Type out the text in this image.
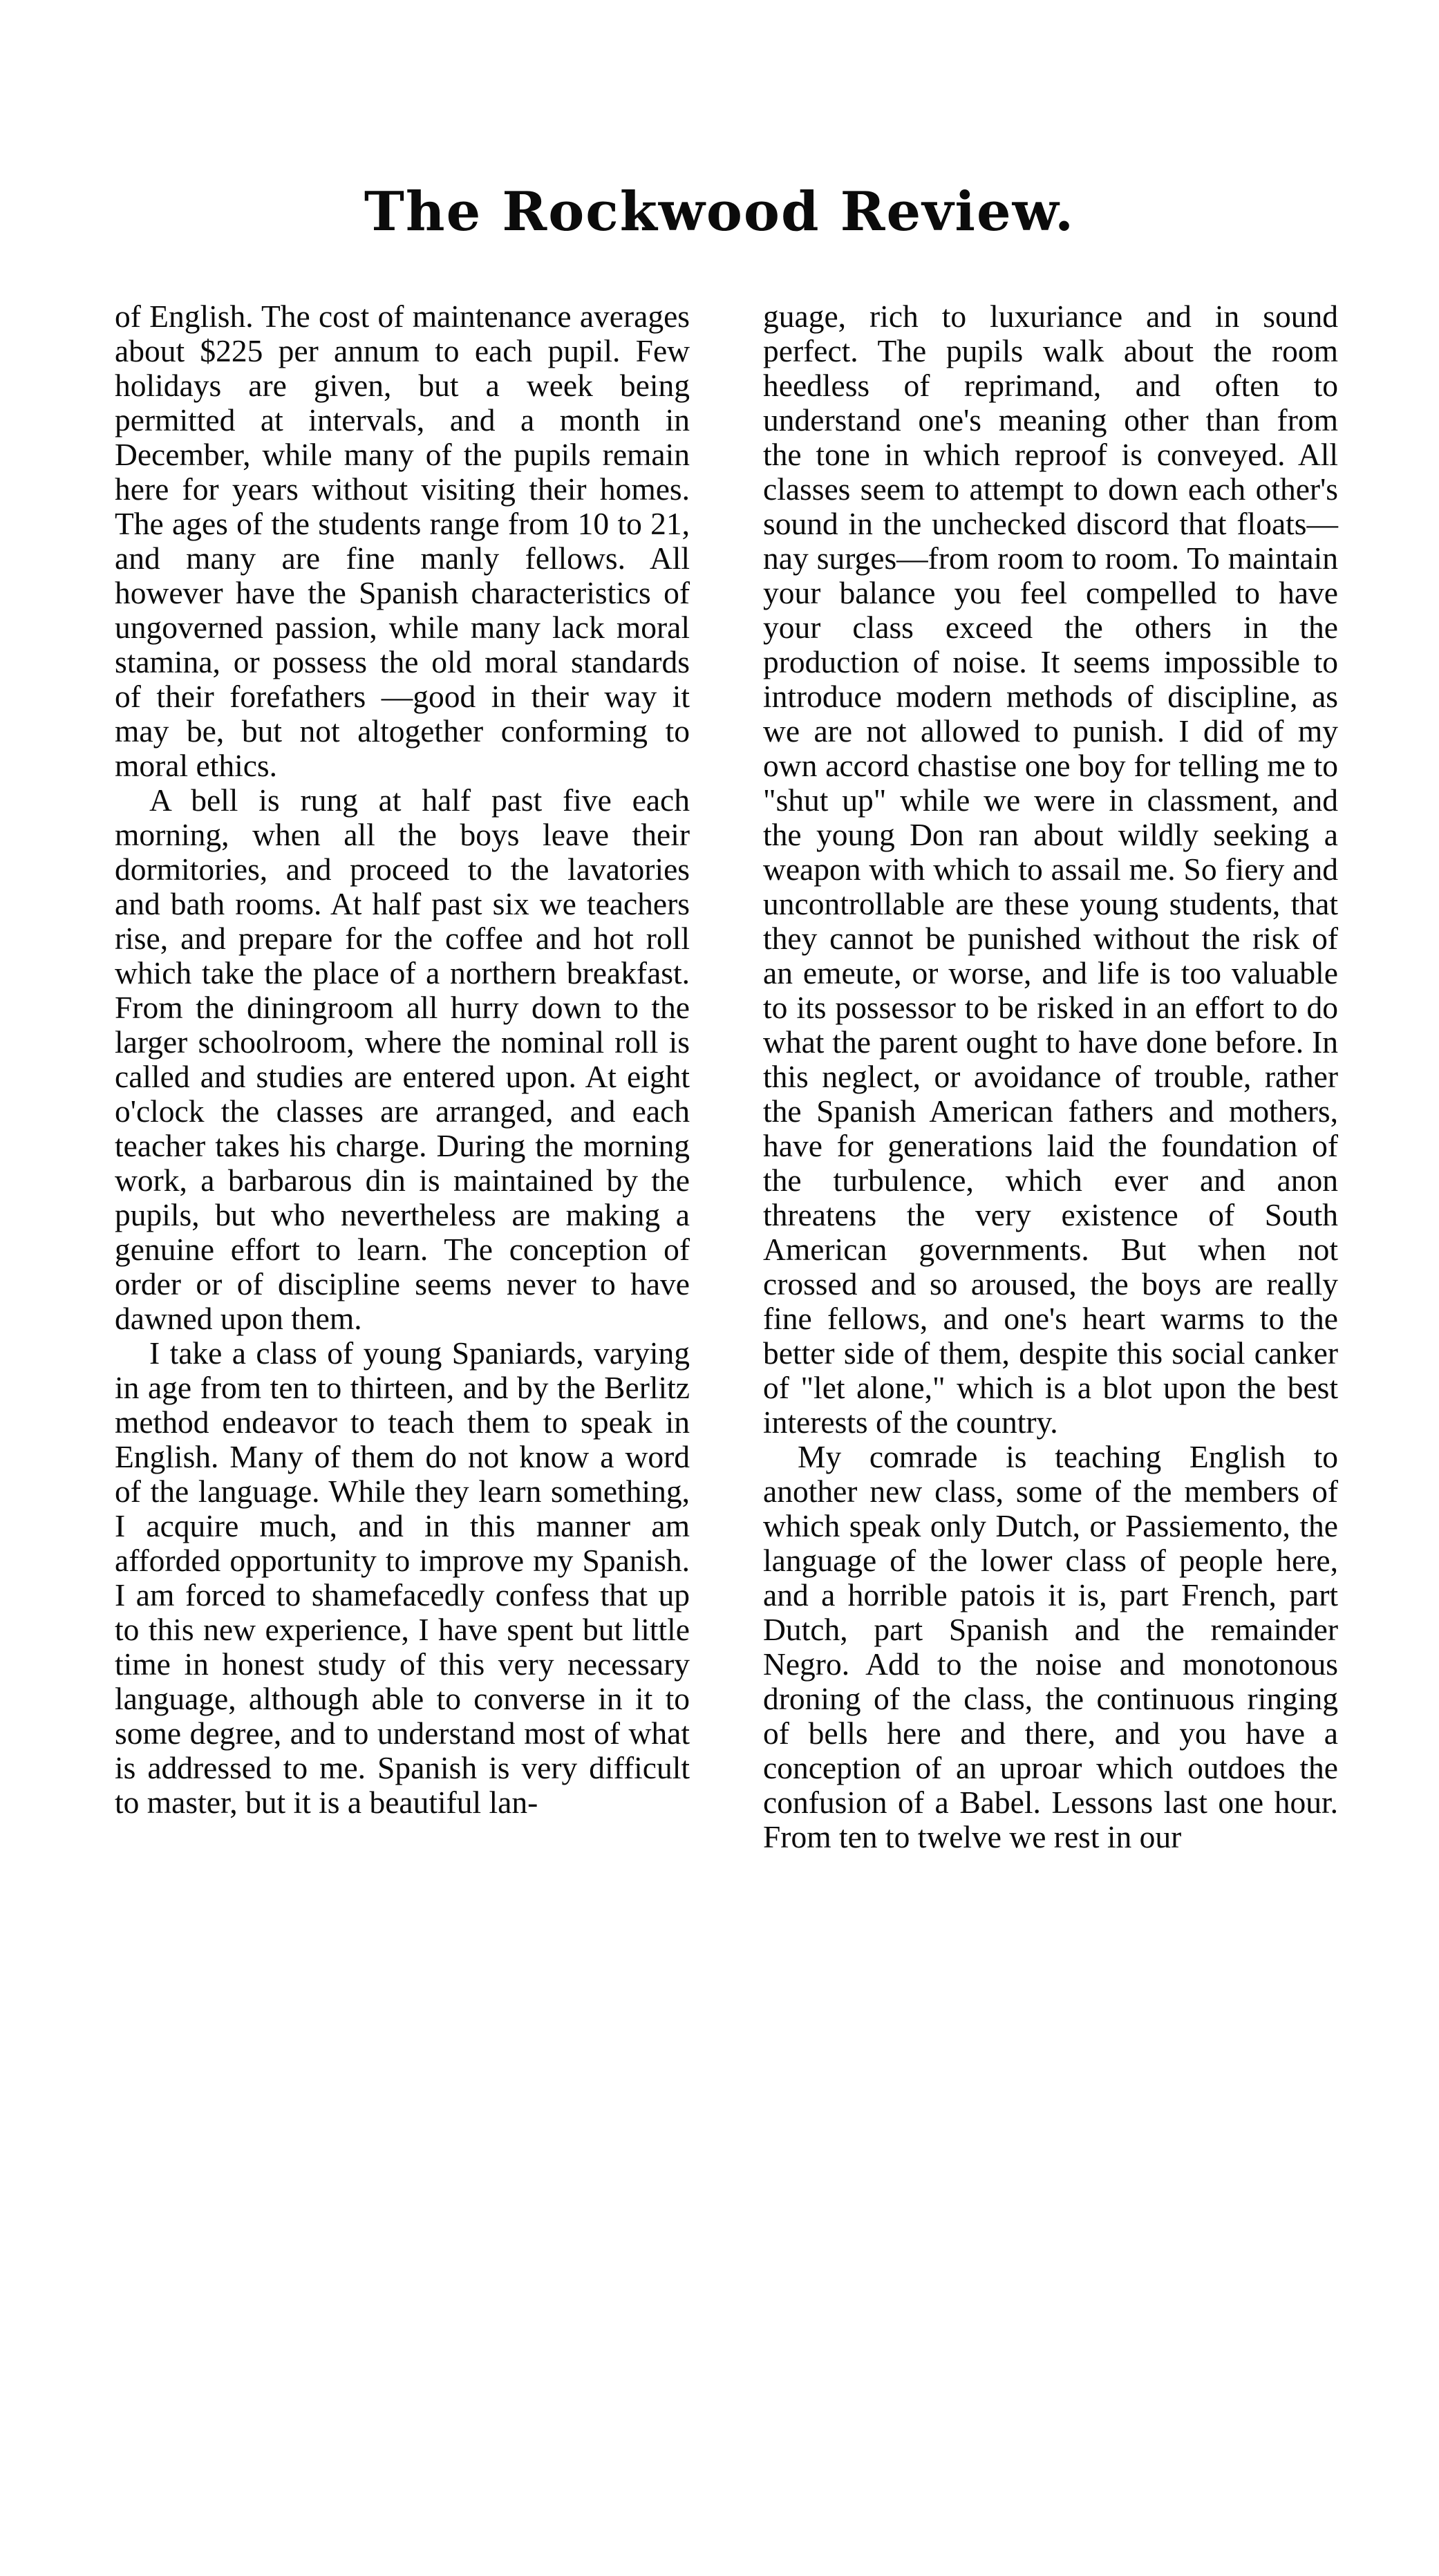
The Rockwood Review.

of English. The cost of maintenance averages about $225 per annum to each pupil. Few holidays are given, but a week being permitted at intervals, and a month in December, while many of the pupils remain here for years without visiting their homes. The ages of the students range from 10 to 21, and many are fine manly fellows. All however have the Spanish characteristics of ungoverned passion, while many lack moral stamina, or possess the old moral standards of their forefathers —good in their way it may be, but not altogether conforming to moral ethics.

A bell is rung at half past five each morning, when all the boys leave their dormitories, and proceed to the lavatories and bath rooms. At half past six we teachers rise, and prepare for the coffee and hot roll which take the place of a northern breakfast. From the diningroom all hurry down to the larger schoolroom, where the nominal roll is called and studies are entered upon. At eight o'clock the classes are arranged, and each teacher takes his charge. During the morning work, a barbarous din is maintained by the pupils, but who nevertheless are making a genuine effort to learn. The conception of order or of discipline seems never to have dawned upon them.

I take a class of young Spaniards, varying in age from ten to thirteen, and by the Berlitz method endeavor to teach them to speak in English. Many of them do not know a word of the language. While they learn something, I acquire much, and in this manner am afforded opportunity to improve my Spanish. I am forced to shamefacedly confess that up to this new experience, I have spent but little time in honest study of this very necessary language, although able to converse in it to some degree, and to understand most of what is addressed to me. Spanish is very difficult to master, but it is a beautiful lan-

guage, rich to luxuriance and in sound perfect. The pupils walk about the room heedless of reprimand, and often to understand one's meaning other than from the tone in which reproof is conveyed. All classes seem to attempt to down each other's sound in the unchecked discord that floats—nay surges—from room to room. To maintain your balance you feel compelled to have your class exceed the others in the production of noise. It seems impossible to introduce modern methods of discipline, as we are not allowed to punish. I did of my own accord chastise one boy for telling me to "shut up" while we were in classment, and the young Don ran about wildly seeking a weapon with which to assail me. So fiery and uncontrollable are these young students, that they cannot be punished without the risk of an emeute, or worse, and life is too valuable to its possessor to be risked in an effort to do what the parent ought to have done before. In this neglect, or avoidance of trouble, rather the Spanish American fathers and mothers, have for generations laid the foundation of the turbulence, which ever and anon threatens the very existence of South American governments. But when not crossed and so aroused, the boys are really fine fellows, and one's heart warms to the better side of them, despite this social canker of "let alone," which is a blot upon the best interests of the country.

My comrade is teaching English to another new class, some of the members of which speak only Dutch, or Passiemento, the language of the lower class of people here, and a horrible patois it is, part French, part Dutch, part Spanish and the remainder Negro. Add to the noise and monotonous droning of the class, the continuous ringing of bells here and there, and you have a conception of an uproar which outdoes the confusion of a Babel. Lessons last one hour. From ten to twelve we rest in our
